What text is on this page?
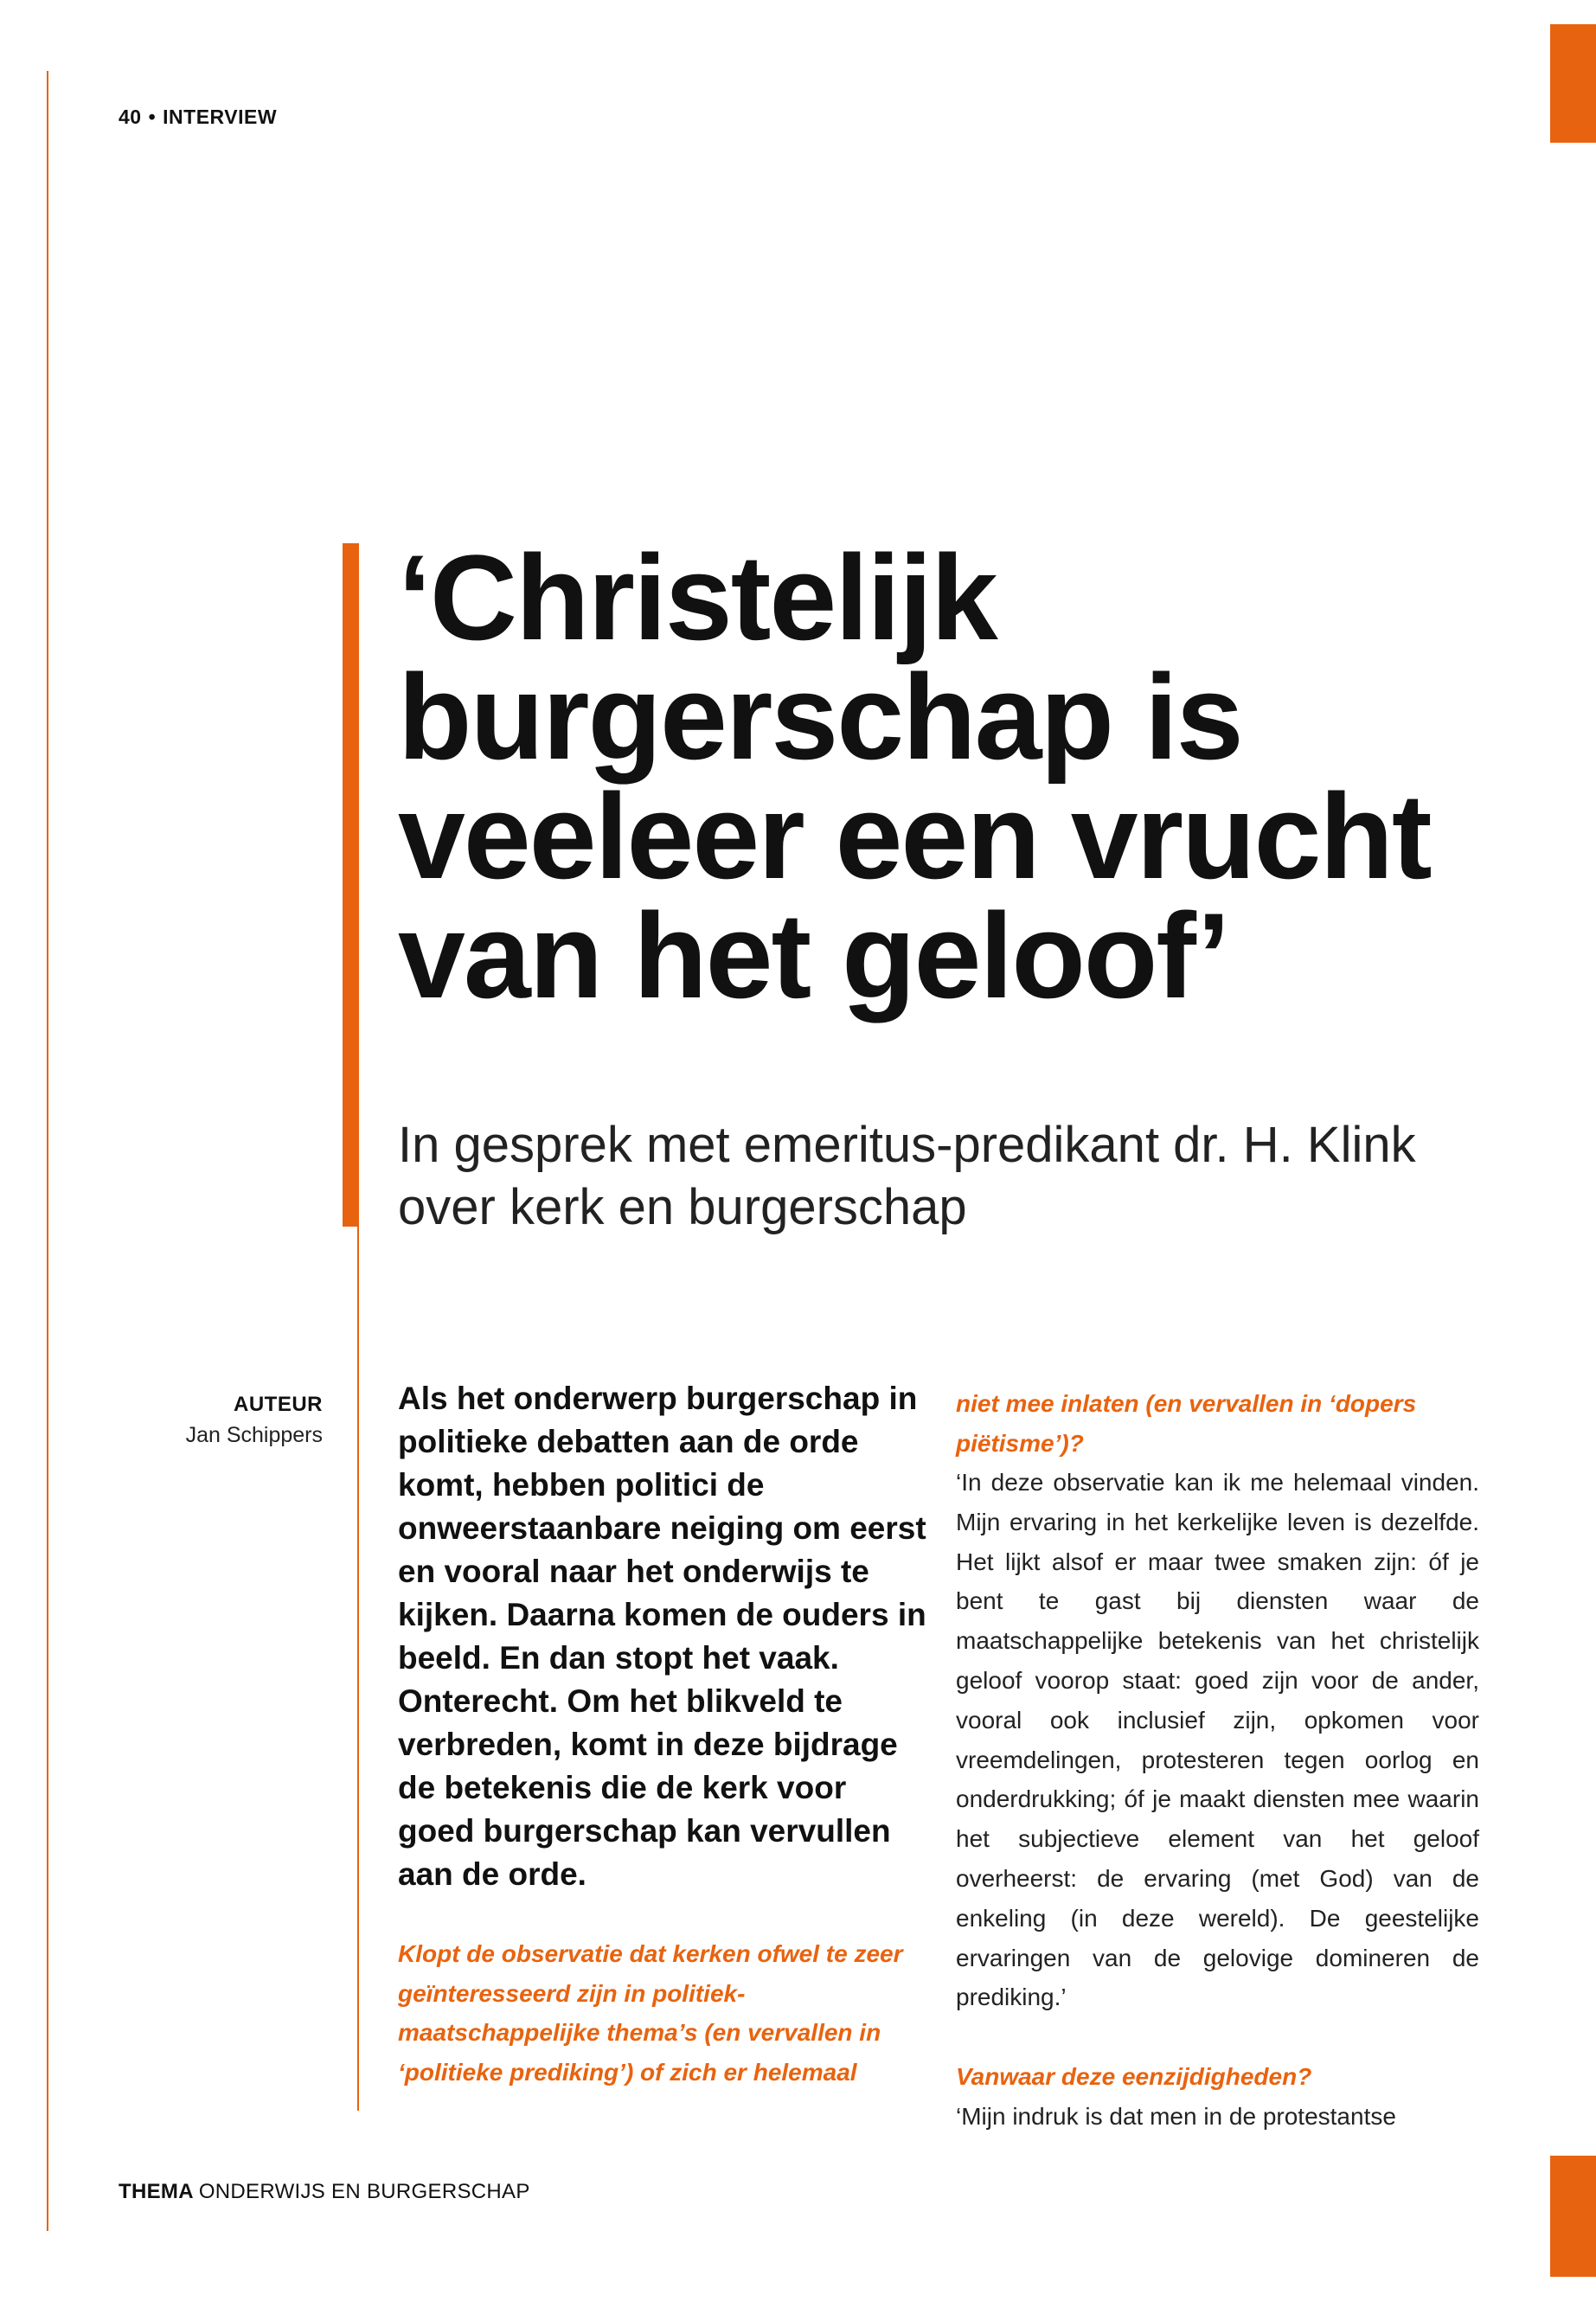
40 • INTERVIEW
‘Christelijk burgerschap is veeleer een vrucht van het geloof’
In gesprek met emeritus-predikant dr. H. Klink over kerk en burgerschap
AUTEUR
Jan Schippers

Als het onderwerp burgerschap in politieke debatten aan de orde komt, hebben politici de onweerstaanbare neiging om eerst en vooral naar het onderwijs te kijken. Daarna komen de ouders in beeld. En dan stopt het vaak. Onterecht. Om het blikveld te verbreden, komt in deze bijdrage de betekenis die de kerk voor goed burgerschap kan vervullen aan de orde.

Klopt de observatie dat kerken ofwel te zeer geïnteresseerd zijn in politiek-maatschappelijke thema’s (en vervallen in ‘politieke prediking’) of zich er helemaal

niet mee inlaten (en vervallen in ‘dopers piëtisme’)?

‘In deze observatie kan ik me helemaal vinden. Mijn ervaring in het kerkelijke leven is dezelfde. Het lijkt alsof er maar twee smaken zijn: óf je bent te gast bij diensten waar de maatschappelijke betekenis van het christelijk geloof voorop staat: goed zijn voor de ander, vooral ook inclusief zijn, opkomen voor vreemdelingen, protesteren tegen oorlog en onderdrukking; óf je maakt diensten mee waarin het subjectieve element van het geloof overheerst: de ervaring (met God) van de enkeling (in deze wereld). De geestelijke ervaringen van de gelovige domineren de prediking.’

Vanwaar deze eenzijdigheden?

‘Mijn indruk is dat men in de protestantse

THEMA ONDERWIJS EN BURGERSCHAP
